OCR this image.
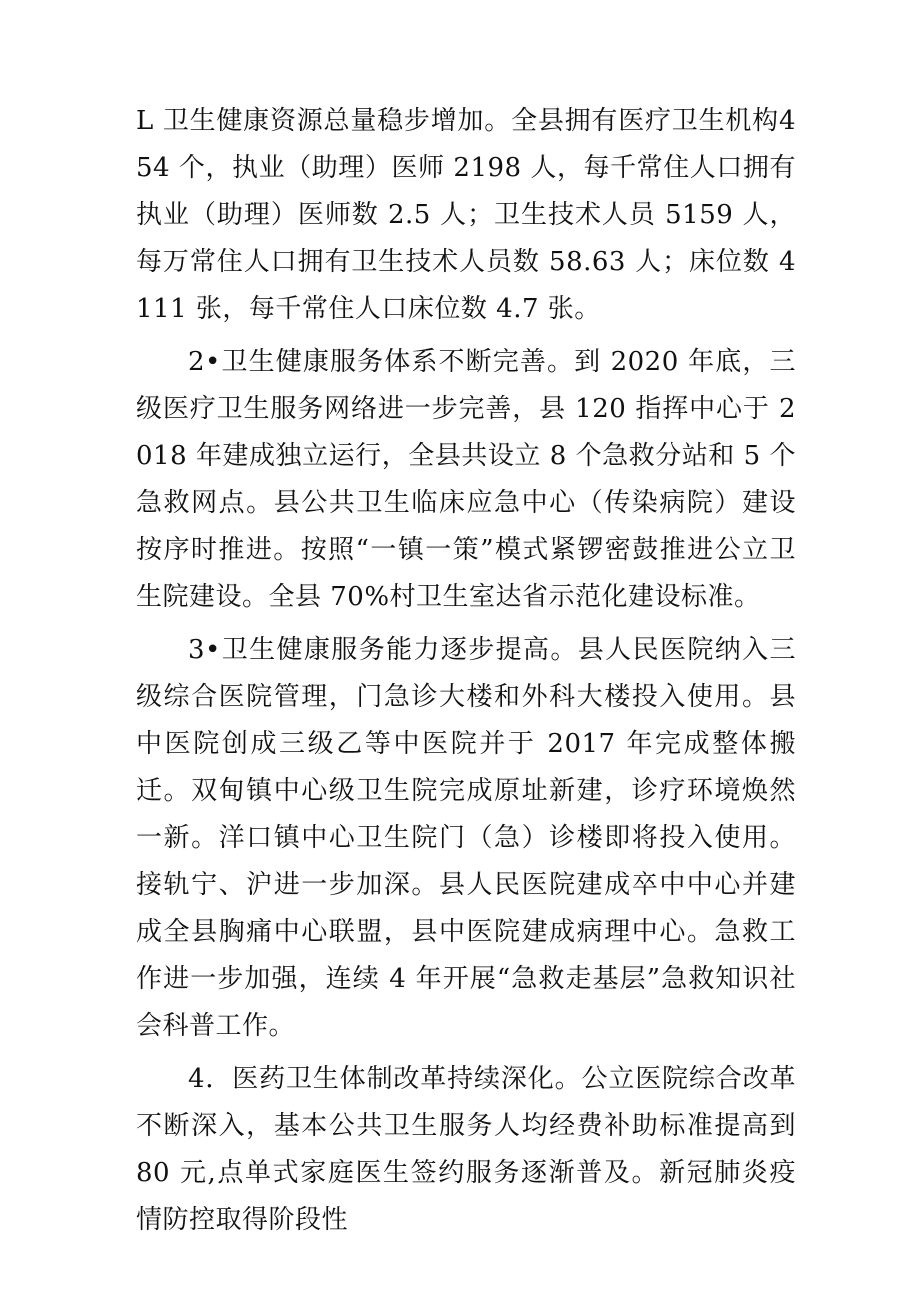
L 卫生健康资源总量稳步增加。全县拥有医疗卫生机构454 个，执业（助理）医师 2198 人，每千常住人口拥有执业（助理）医师数 2.5 人；卫生技术人员 5159 人，每万常住人口拥有卫生技术人员数 58.63 人；床位数 4111 张，每千常住人口床位数 4.7 张。

2•卫生健康服务体系不断完善。到 2020 年底，三级医疗卫生服务网络进一步完善，县 120 指挥中心于 2018 年建成独立运行，全县共设立 8 个急救分站和 5 个急救网点。县公共卫生临床应急中心（传染病院）建设按序时推进。按照“一镇一策”模式紧锣密鼓推进公立卫生院建设。全县 70%村卫生室达省示范化建设标准。

3•卫生健康服务能力逐步提高。县人民医院纳入三级综合医院管理，门急诊大楼和外科大楼投入使用。县中医院创成三级乙等中医院并于 2017 年完成整体搬迁。双甸镇中心级卫生院完成原址新建，诊疗环境焕然一新。洋口镇中心卫生院门（急）诊楼即将投入使用。接轨宁、沪进一步加深。县人民医院建成卒中中心并建成全县胸痛中心联盟，县中医院建成病理中心。急救工作进一步加强，连续 4 年开展“急救走基层”急救知识社会科普工作。

4．医药卫生体制改革持续深化。公立医院综合改革不断深入，基本公共卫生服务人均经费补助标准提高到 80 元,点单式家庭医生签约服务逐渐普及。新冠肺炎疫情防控取得阶段性
